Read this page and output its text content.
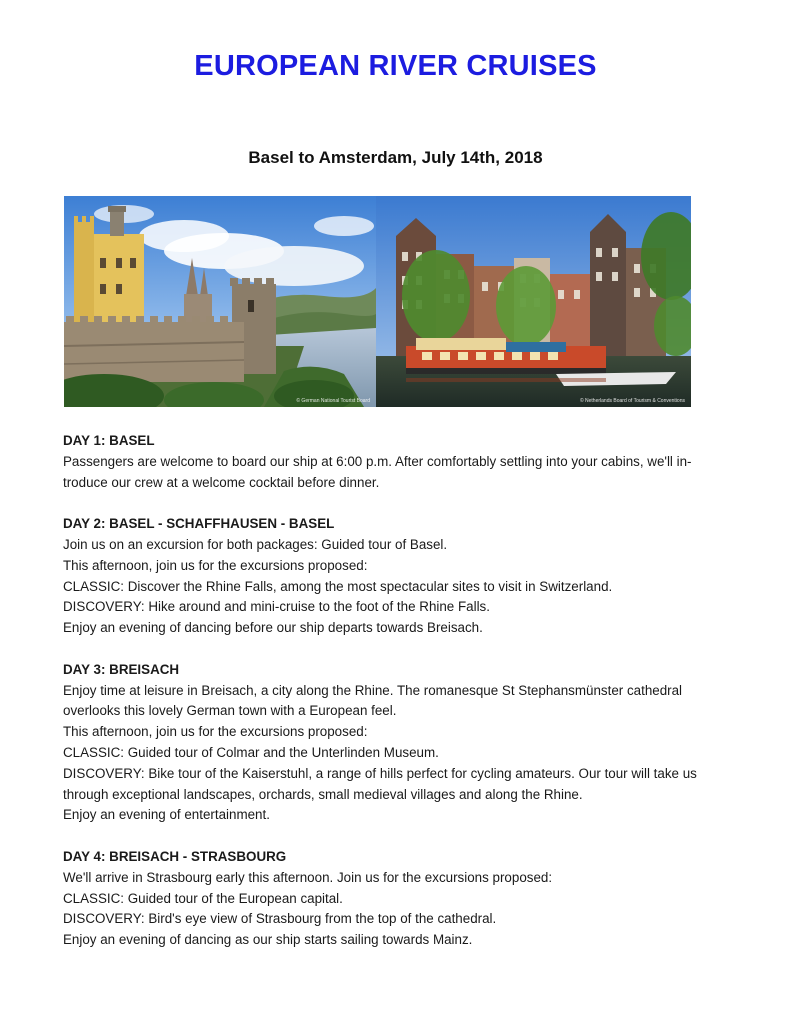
EUROPEAN RIVER CRUISES
Basel to Amsterdam, July 14th, 2018
© German National Tourist Board	© Netherlands Board of Tourism & Conventions

DAY 1: BASEL

Passengers are welcome to board our ship at 6:00 p.m. After comfortably settling into your cabins, we'll in-

troduce our crew at a welcome cocktail before dinner.

DAY 2: BASEL - SCHAFFHAUSEN - BASEL

Join us on an excursion for both packages: Guided tour of Basel.

This afternoon, join us for the excursions proposed:

CLASSIC: Discover the Rhine Falls, among the most spectacular sites to visit in Switzerland.

DISCOVERY: Hike around and mini-cruise to the foot of the Rhine Falls.

Enjoy an evening of dancing before our ship departs towards Breisach.

DAY 3: BREISACH

Enjoy time at leisure in Breisach, a city along the Rhine. The romanesque St Stephansmünster cathedral

overlooks this lovely German town with a European feel.

This afternoon, join us for the excursions proposed:

CLASSIC: Guided tour of Colmar and the Unterlinden Museum.

DISCOVERY: Bike tour of the Kaiserstuhl, a range of hills perfect for cycling amateurs. Our tour will take us

through exceptional landscapes, orchards, small medieval villages and along the Rhine.

Enjoy an evening of entertainment.

DAY 4: BREISACH - STRASBOURG

We'll arrive in Strasbourg early this afternoon. Join us for the excursions proposed:

CLASSIC: Guided tour of the European capital.

DISCOVERY: Bird's eye view of Strasbourg from the top of the cathedral.

Enjoy an evening of dancing as our ship starts sailing towards Mainz.
